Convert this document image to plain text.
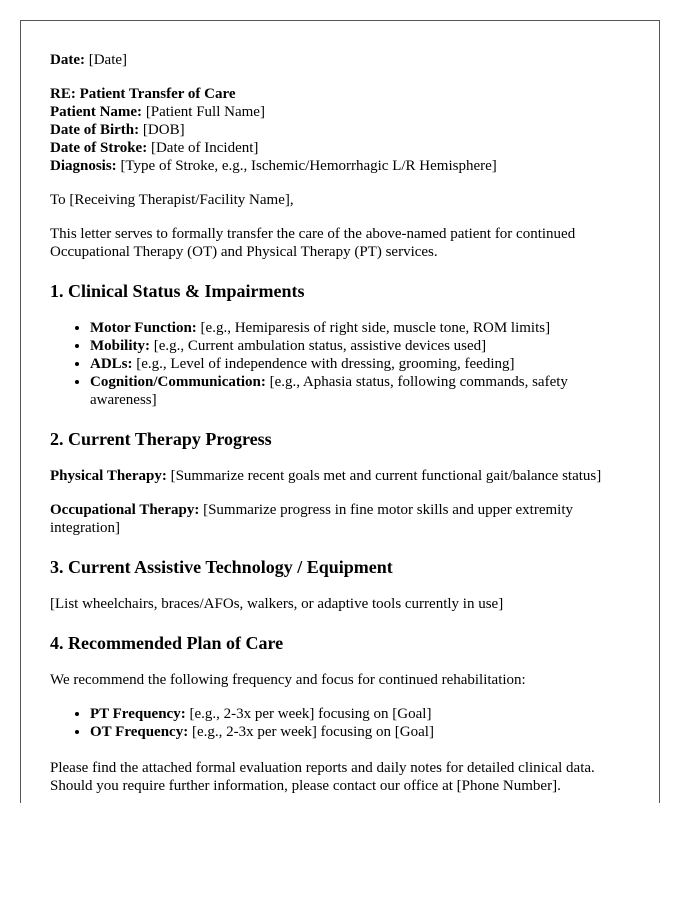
Date: [Date]

RE: Patient Transfer of Care
Patient Name: [Patient Full Name]
Date of Birth: [DOB]
Date of Stroke: [Date of Incident]
Diagnosis: [Type of Stroke, e.g., Ischemic/Hemorrhagic L/R Hemisphere]

To [Receiving Therapist/Facility Name],

This letter serves to formally transfer the care of the above-named patient for continued Occupational Therapy (OT) and Physical Therapy (PT) services.

1. Clinical Status & Impairments
• Motor Function: [e.g., Hemiparesis of right side, muscle tone, ROM limits]
• Mobility: [e.g., Current ambulation status, assistive devices used]
• ADLs: [e.g., Level of independence with dressing, grooming, feeding]
• Cognition/Communication: [e.g., Aphasia status, following commands, safety awareness]
2. Current Therapy Progress

Physical Therapy: [Summarize recent goals met and current functional gait/balance status]

Occupational Therapy: [Summarize progress in fine motor skills and upper extremity integration]

3. Current Assistive Technology / Equipment

[List wheelchairs, braces/AFOs, walkers, or adaptive tools currently in use]

4. Recommended Plan of Care

We recommend the following frequency and focus for continued rehabilitation:

• PT Frequency: [e.g., 2-3x per week] focusing on [Goal]
• OT Frequency: [e.g., 2-3x per week] focusing on [Goal]

Please find the attached formal evaluation reports and daily notes for detailed clinical data. Should you require further information, please contact our office at [Phone Number].
